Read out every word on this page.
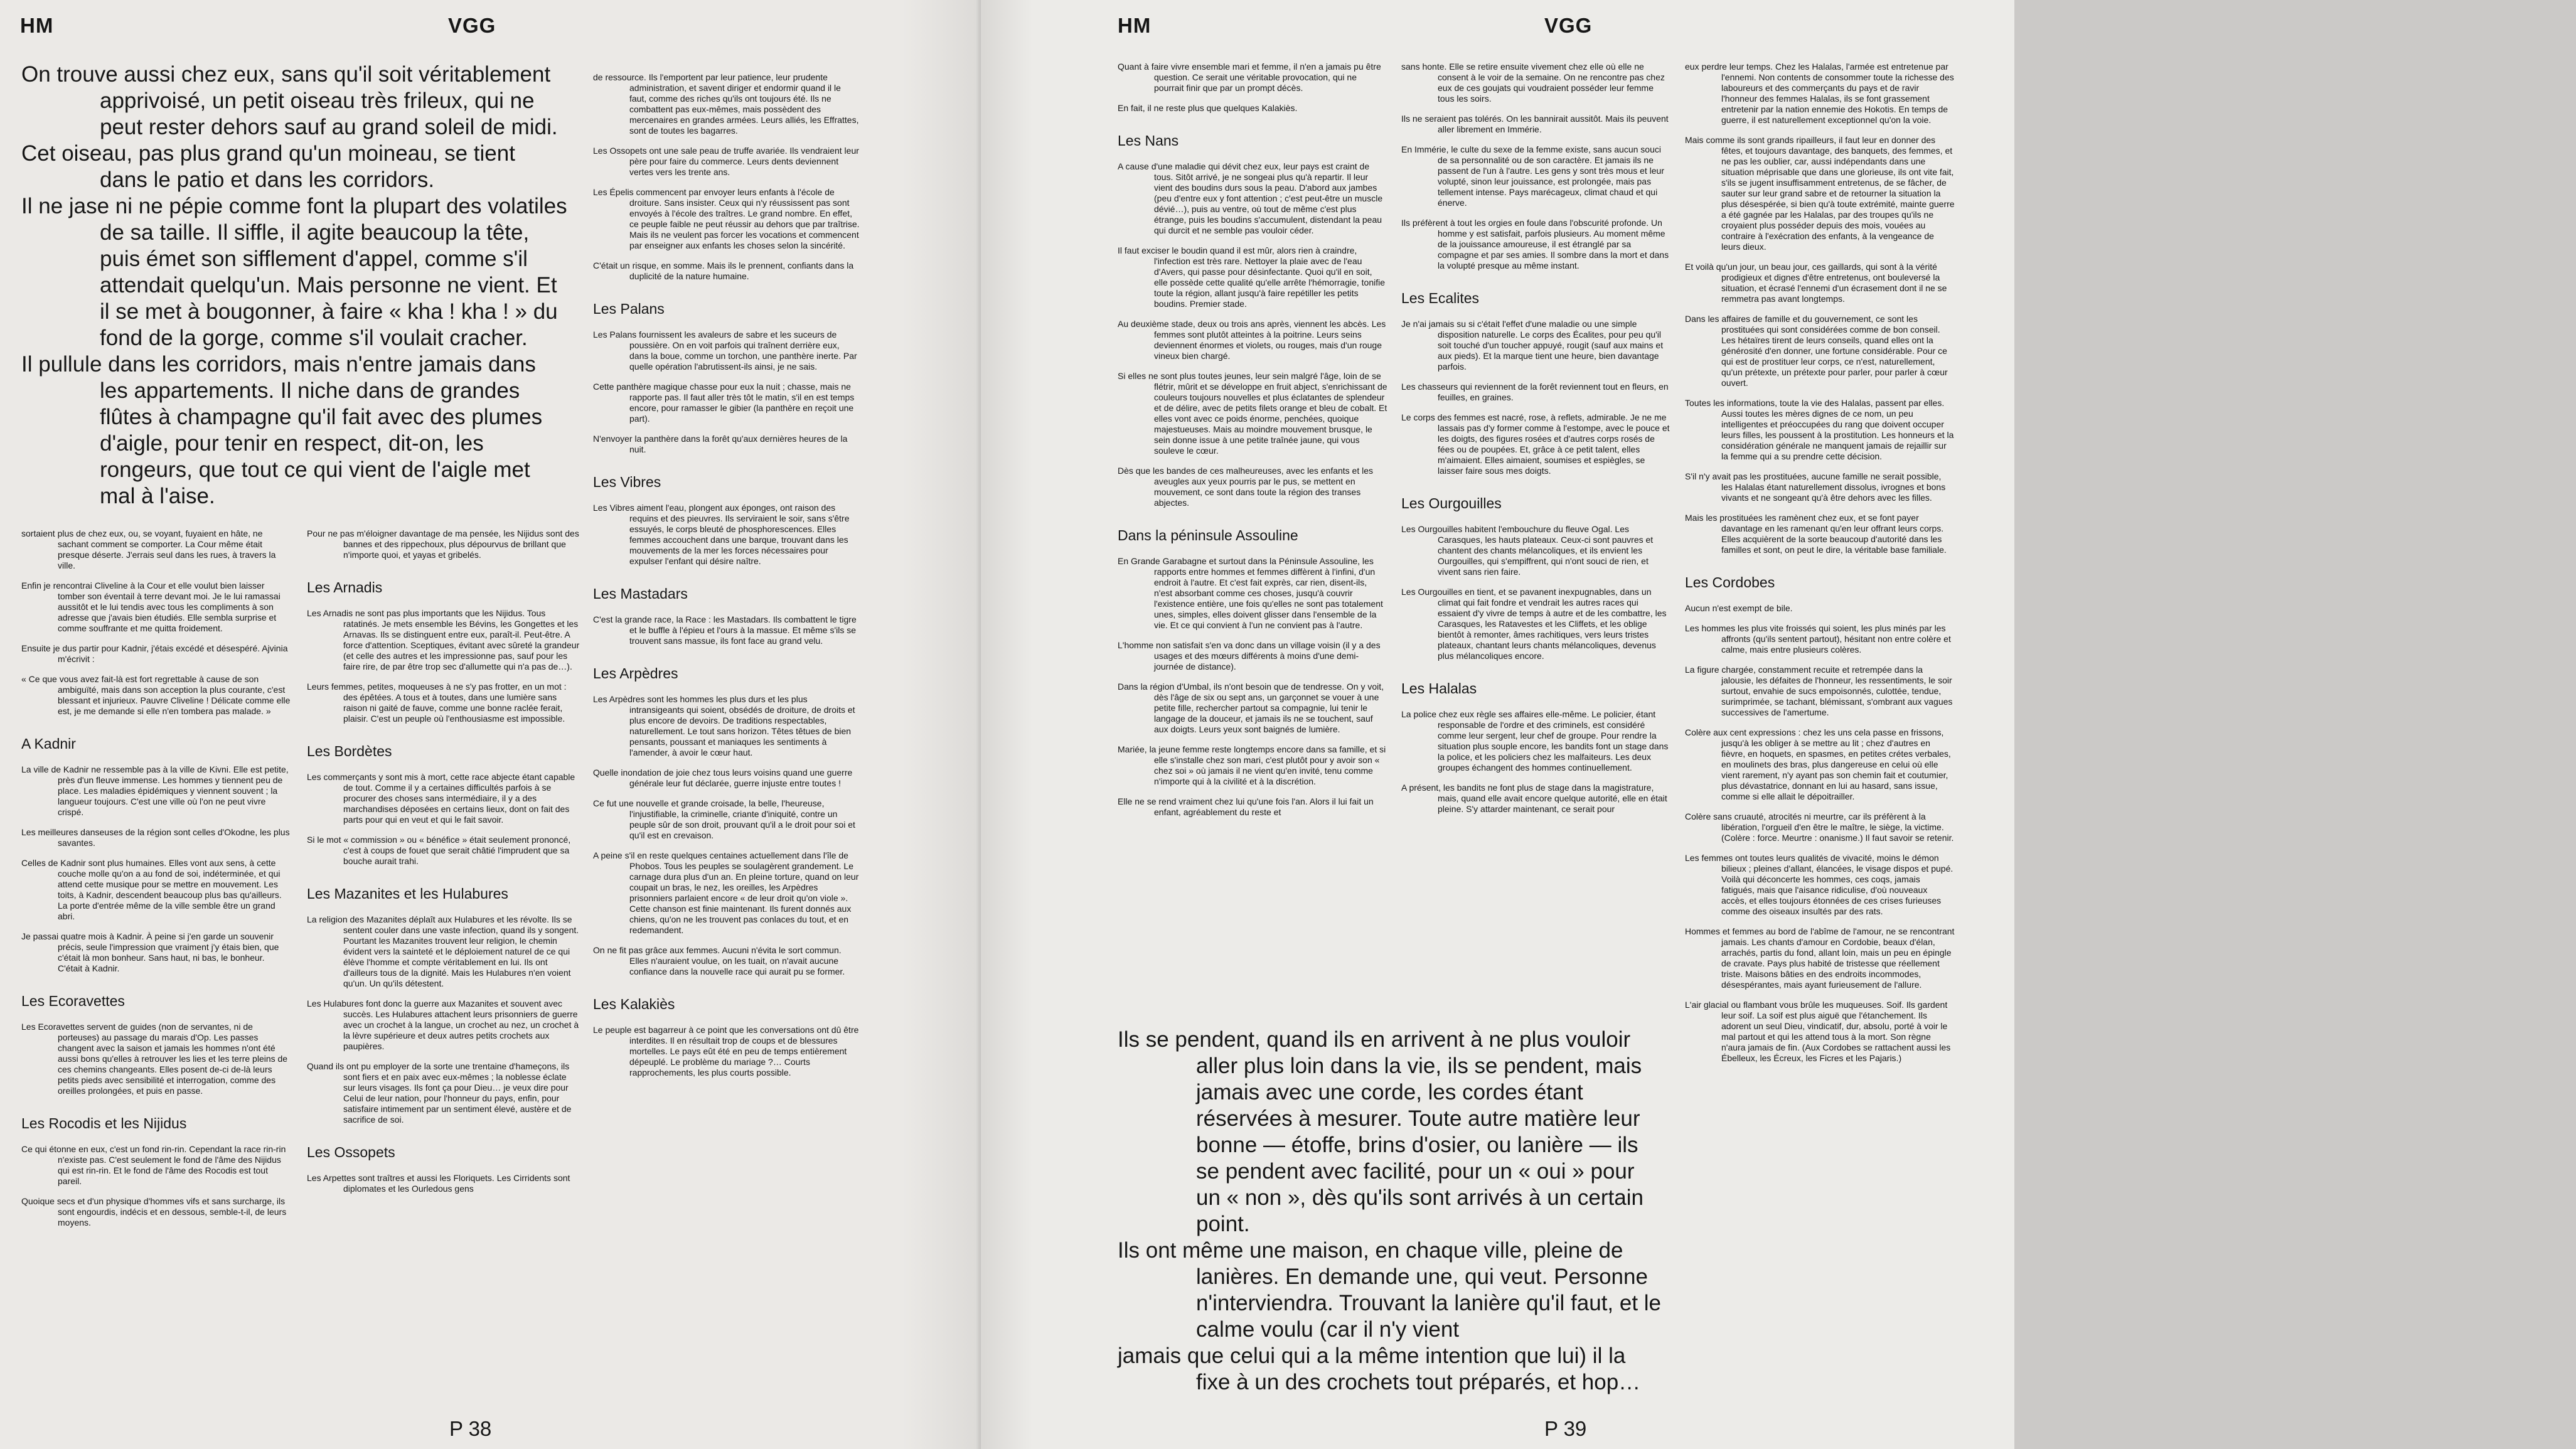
HM	VGG

On trouve aussi chez eux, sans qu'il soit véritablement apprivoisé, un petit oiseau très frileux, qui ne peut rester dehors sauf au grand soleil de midi.

Cet oiseau, pas plus grand qu'un moineau, se tient dans le patio et dans les corridors.

Il ne jase ni ne pépie comme font la plupart des volatiles de sa taille. Il siffle, il agite beaucoup la tête, puis émet son sifflement d'appel, comme s'il attendait quelqu'un. Mais personne ne vient. Et il se met à bougonner, à faire « kha ! kha ! » du fond de la gorge, comme s'il voulait cracher.

Il pullule dans les corridors, mais n'entre jamais dans les appartements. Il niche dans de grandes flûtes à champagne qu'il fait avec des plumes d'aigle, pour tenir en respect, dit-on, les rongeurs, que tout ce qui vient de l'aigle met mal à l'aise.

sortaient plus de chez eux, ou, se voyant, fuyaient en hâte, ne sachant comment se comporter. La Cour même était presque déserte. J'errais seul dans les rues, à travers la ville.

Enfin je rencontrai Cliveline à la Cour et elle voulut bien laisser tomber son éventail à terre devant moi. Je le lui ramassai aussitôt et le lui tendis avec tous les compliments à son adresse que j'avais bien étudiés. Elle sembla surprise et comme souffrante et me quitta froidement.

Ensuite je dus partir pour Kadnir, j'étais excédé et désespéré. Ajvinia m'écrivit :

« Ce que vous avez fait-là est fort regrettable à cause de son ambiguïté, mais dans son acception la plus courante, c'est blessant et injurieux. Pauvre Cliveline ! Délicate comme elle est, je me demande si elle n'en tombera pas malade. »

A Kadnir

La ville de Kadnir ne ressemble pas à la ville de Kivni. Elle est petite, près d'un fleuve immense. Les hommes y tiennent peu de place. Les maladies épidémiques y viennent souvent ; la langueur toujours. C'est une ville où l'on ne peut vivre crispé.

Les meilleures danseuses de la région sont celles d'Okodne, les plus savantes.

Celles de Kadnir sont plus humaines. Elles vont aux sens, à cette couche molle qu'on a au fond de soi, indéterminée, et qui attend cette musique pour se mettre en mouvement. Les toits, à Kadnir, descendent beaucoup plus bas qu'ailleurs. La porte d'entrée même de la ville semble être un grand abri.

Je passai quatre mois à Kadnir. À peine si j'en garde un souvenir précis, seule l'impression que vraiment j'y étais bien, que c'était là mon bonheur. Sans haut, ni bas, le bonheur. C'était à Kadnir.

Les Ecoravettes

Les Ecoravettes servent de guides (non de servantes, ni de porteuses) au passage du marais d'Op. Les passes changent avec la saison et jamais les hommes n'ont été aussi bons qu'elles à retrouver les lies et les terre pleins de ces chemins changeants. Elles posent de-ci de-là leurs petits pieds avec sensibilité et interrogation, comme des oreilles prolongées, et puis en passe.

Les Rocodis et les Nijidus

Ce qui étonne en eux, c'est un fond rin-rin. Cependant la race rin-rin n'existe pas. C'est seulement le fond de l'âme des Nijidus qui est rin-rin. Et le fond de l'âme des Rocodis est tout pareil.

Quoique secs et d'un physique d'hommes vifs et sans surcharge, ils sont engourdis, indécis et en dessous, semble-t-il, de leurs moyens.

Pour ne pas m'éloigner davantage de ma pensée, les Nijidus sont des bannes et des rippechoux, plus dépourvus de brillant que n'importe quoi, et yayas et gribelés.

Les Arnadis

Les Arnadis ne sont pas plus importants que les Nijidus. Tous ratatinés. Je mets ensemble les Bévins, les Gongettes et les Arnavas. Ils se distinguent entre eux, paraît-il. Peut-être. A force d'attention. Sceptiques, évitant avec sûreté la grandeur (et celle des autres et les impressionne pas, sauf pour les faire rire, de par être trop sec d'allumette qui n'a pas de…).

Leurs femmes, petites, moqueuses à ne s'y pas frotter, en un mot : des épêtées. A tous et à toutes, dans une lumière sans raison ni gaité de fauve, comme une bonne raclée ferait, plaisir. C'est un peuple où l'enthousiasme est impossible.

Les Bordètes

Les commerçants y sont mis à mort, cette race abjecte étant capable de tout. Comme il y a certaines difficultés parfois à se procurer des choses sans intermédiaire, il y a des marchandises déposées en certains lieux, dont on fait des parts pour qui en veut et qui le fait savoir.

Si le mot « commission » ou « bénéfice » était seulement prononcé, c'est à coups de fouet que serait châtié l'imprudent que sa bouche aurait trahi.

Les Mazanites et les Hulabures

La religion des Mazanites déplaît aux Hulabures et les révolte. Ils se sentent couler dans une vaste infection, quand ils y songent. Pourtant les Mazanites trouvent leur religion, le chemin évident vers la sainteté et le déploiement naturel de ce qui élève l'homme et compte véritablement en lui. Ils ont d'ailleurs tous de la dignité. Mais les Hulabures n'en voient qu'un. Un qu'ils détestent.

Les Hulabures font donc la guerre aux Mazanites et souvent avec succès. Les Hulabures attachent leurs prisonniers de guerre avec un crochet à la langue, un crochet au nez, un crochet à la lèvre supérieure et deux autres petits crochets aux paupières.

Quand ils ont pu employer de la sorte une trentaine d'hameçons, ils sont fiers et en paix avec eux-mêmes ; la noblesse éclate sur leurs visages. Ils font ça pour Dieu… je veux dire pour Celui de leur nation, pour l'honneur du pays, enfin, pour satisfaire intimement par un sentiment élevé, austère et de sacrifice de soi.

Les Ossopets

Les Arpettes sont traîtres et aussi les Floriquets. Les Cirridents sont diplomates et les Ourledous gens

de ressource. Ils l'emportent par leur patience, leur prudente administration, et savent diriger et endormir quand il le faut, comme des riches qu'ils ont toujours été. Ils ne combattent pas eux-mêmes, mais possèdent des mercenaires en grandes armées. Leurs alliés, les Effrattes, sont de toutes les bagarres.

Les Ossopets ont une sale peau de truffe avariée. Ils vendraient leur père pour faire du commerce. Leurs dents deviennent vertes vers les trente ans.

Les Épelis commencent par envoyer leurs enfants à l'école de droiture. Sans insister. Ceux qui n'y réussissent pas sont envoyés à l'école des traîtres. Le grand nombre. En effet, ce peuple faible ne peut réussir au dehors que par traîtrise. Mais ils ne veulent pas forcer les vocations et commencent par enseigner aux enfants les choses selon la sincérité.

C'était un risque, en somme. Mais ils le prennent, confiants dans la duplicité de la nature humaine.

Les Palans

Les Palans fournissent les avaleurs de sabre et les suceurs de poussière. On en voit parfois qui traînent derrière eux, dans la boue, comme un torchon, une panthère inerte. Par quelle opération l'abrutissent-ils ainsi, je ne sais.

Cette panthère magique chasse pour eux la nuit ; chasse, mais ne rapporte pas. Il faut aller très tôt le matin, s'il en est temps encore, pour ramasser le gibier (la panthère en reçoit une part).

N'envoyer la panthère dans la forêt qu'aux dernières heures de la nuit.

Les Vibres

Les Vibres aiment l'eau, plongent aux éponges, ont raison des requins et des pieuvres. Ils serviraient le soir, sans s'être essuyés, le corps bleuté de phosphorescences. Elles femmes accouchent dans une barque, trouvant dans les mouvements de la mer les forces nécessaires pour expulser l'enfant qui désire naître.

Les Mastadars

C'est la grande race, la Race : les Mastadars. Ils combattent le tigre et le buffle à l'épieu et l'ours à la massue. Et même s'ils se trouvent sans massue, ils font face au grand velu.

Les Arpèdres

Les Arpèdres sont les hommes les plus durs et les plus intransigeants qui soient, obsédés de droiture, de droits et plus encore de devoirs. De traditions respectables, naturellement. Le tout sans horizon. Têtes têtues de bien pensants, poussant et maniaques les sentiments à l'amender, à avoir le cœur haut.

Quelle inondation de joie chez tous leurs voisins quand une guerre générale leur fut déclarée, guerre injuste entre toutes !

Ce fut une nouvelle et grande croisade, la belle, l'heureuse, l'injustifiable, la criminelle, criante d'iniquité, contre un peuple sûr de son droit, prouvant qu'il a le droit pour soi et qu'il est en crevaison.

A peine s'il en reste quelques centaines actuellement dans l'île de Phobos. Tous les peuples se soulagèrent grandement. Le carnage dura plus d'un an. En pleine torture, quand on leur coupait un bras, le nez, les oreilles, les Arpèdres prisonniers parlaient encore « de leur droit qu'on viole ». Cette chanson est finie maintenant. Ils furent donnés aux chiens, qu'on ne les trouvent pas conlaces du tout, et en redemandent.

On ne fit pas grâce aux femmes. Aucuni n'évita le sort commun. Elles n'auraient voulue, on les tuait, on n'avait aucune confiance dans la nouvelle race qui aurait pu se former.

Les Kalakiès

Le peuple est bagarreur à ce point que les conversations ont dû être interdites. Il en résultait trop de coups et de blessures mortelles. Le pays eût été en peu de temps entièrement dépeuplé. Le problème du mariage ?… Courts rapprochements, les plus courts possible.

P 38
HM	VGG

Quant à faire vivre ensemble mari et femme, il n'en a jamais pu être question. Ce serait une véritable provocation, qui ne pourrait finir que par un prompt décès.

En fait, il ne reste plus que quelques Kalakiès.

Les Nans

A cause d'une maladie qui dévit chez eux, leur pays est craint de tous. Sitôt arrivé, je ne songeai plus qu'à repartir. Il leur vient des boudins durs sous la peau. D'abord aux jambes (peu d'entre eux y font attention ; c'est peut-être un muscle dévié…), puis au ventre, où tout de même c'est plus étrange, puis les boudins s'accumulent, distendant la peau qui durcit et ne semble pas vouloir céder.

Il faut exciser le boudin quand il est mûr, alors rien à craindre, l'infection est très rare. Nettoyer la plaie avec de l'eau d'Avers, qui passe pour désinfectante. Quoi qu'il en soit, elle possède cette qualité qu'elle arrête l'hémorragie, tonifie toute la région, allant jusqu'à faire repétiller les petits boudins. Premier stade.

Au deuxième stade, deux ou trois ans après, viennent les abcès. Les femmes sont plutôt atteintes à la poitrine. Leurs seins deviennent énormes et violets, ou rouges, mais d'un rouge vineux bien chargé.

Si elles ne sont plus toutes jeunes, leur sein malgré l'âge, loin de se flétrir, mûrit et se développe en fruit abject, s'enrichissant de couleurs toujours nouvelles et plus éclatantes de splendeur et de délire, avec de petits filets orange et bleu de cobalt. Et elles vont avec ce poids énorme, penchées, quoique majestueuses. Mais au moindre mouvement brusque, le sein donne issue à une petite traînée jaune, qui vous souleve le cœur.

Dès que les bandes de ces malheureuses, avec les enfants et les aveugles aux yeux pourris par le pus, se mettent en mouvement, ce sont dans toute la région des transes abjectes.

Dans la péninsule Assouline

En Grande Garabagne et surtout dans la Péninsule Assouline, les rapports entre hommes et femmes diffèrent à l'infini, d'un endroit à l'autre. Et c'est fait exprès, car rien, disent-ils, n'est absorbant comme ces choses, jusqu'à couvrir l'existence entière, une fois qu'elles ne sont pas totalement unes, simples, elles doivent glisser dans l'ensemble de la vie. Et ce qui convient à l'un ne convient pas à l'autre.

L'homme non satisfait s'en va donc dans un village voisin (il y a des usages et des mœurs différents à moins d'une demi-journée de distance).

Dans la région d'Umbal, ils n'ont besoin que de tendresse. On y voit, dès l'âge de six ou sept ans, un garçonnet se vouer à une petite fille, rechercher partout sa compagnie, lui tenir le langage de la douceur, et jamais ils ne se touchent, sauf aux doigts. Leurs yeux sont baignés de lumière.

Mariée, la jeune femme reste longtemps encore dans sa famille, et si elle s'installe chez son mari, c'est plutôt pour y avoir son « chez soi » où jamais il ne vient qu'en invité, tenu comme n'importe qui à la civilité et à la discrétion.

Elle ne se rend vraiment chez lui qu'une fois l'an. Alors il lui fait un enfant, agréablement du reste et

sans honte. Elle se retire ensuite vivement chez elle où elle ne consent à le voir de la semaine. On ne rencontre pas chez eux de ces goujats qui voudraient posséder leur femme tous les soirs.

Ils ne seraient pas tolérés. On les bannirait aussitôt. Mais ils peuvent aller librement en Immérie.

En Immérie, le culte du sexe de la femme existe, sans aucun souci de sa personnalité ou de son caractère. Et jamais ils ne passent de l'un à l'autre. Les gens y sont très mous et leur volupté, sinon leur jouissance, est prolongée, mais pas tellement intense. Pays marécageux, climat chaud et qui énerve.

Ils préfèrent à tout les orgies en foule dans l'obscurité profonde. Un homme y est satisfait, parfois plusieurs. Au moment même de la jouissance amoureuse, il est étranglé par sa compagne et par ses amies. Il sombre dans la mort et dans la volupté presque au même instant.

Les Ecalites

Je n'ai jamais su si c'était l'effet d'une maladie ou une simple disposition naturelle. Le corps des Écalites, pour peu qu'il soit touché d'un toucher appuyé, rougit (sauf aux mains et aux pieds). Et la marque tient une heure, bien davantage parfois.

Les chasseurs qui reviennent de la forêt reviennent tout en fleurs, en feuilles, en graines.

Le corps des femmes est nacré, rose, à reflets, admirable. Je ne me lassais pas d'y former comme à l'estompe, avec le pouce et les doigts, des figures rosées et d'autres corps rosés de fées ou de poupées. Et, grâce à ce petit talent, elles m'aimaient. Elles aimaient, soumises et espiègles, se laisser faire sous mes doigts.

Les Ourgouilles

Les Ourgouilles habitent l'embouchure du fleuve Ogal. Les Carasques, les hauts plateaux. Ceux-ci sont pauvres et chantent des chants mélancoliques, et ils envient les Ourgouilles, qui s'empiffrent, qui n'ont souci de rien, et vivent sans rien faire.

Les Ourgouilles en tient, et se pavanent inexpugnables, dans un climat qui fait fondre et vendrait les autres races qui essaient d'y vivre de temps à autre et de les combattre, les Carasques, les Ratavestes et les Cliffets, et les oblige bientôt à remonter, âmes rachitiques, vers leurs tristes plateaux, chantant leurs chants mélancoliques, devenus plus mélancoliques encore.

Les Halalas

La police chez eux règle ses affaires elle-même. Le policier, étant responsable de l'ordre et des criminels, est considéré comme leur sergent, leur chef de groupe. Pour rendre la situation plus souple encore, les bandits font un stage dans la police, et les policiers chez les malfaiteurs. Les deux groupes échangent des hommes continuellement.

A présent, les bandits ne font plus de stage dans la magistrature, mais, quand elle avait encore quelque autorité, elle en était pleine. S'y attarder maintenant, ce serait pour

eux perdre leur temps. Chez les Halalas, l'armée est entretenue par l'ennemi. Non contents de consommer toute la richesse des laboureurs et des commerçants du pays et de ravir l'honneur des femmes Halalas, ils se font grassement entretenir par la nation ennemie des Hokotis. En temps de guerre, il est naturellement exceptionnel qu'on la voie.

Mais comme ils sont grands ripailleurs, il faut leur en donner des fêtes, et toujours davantage, des banquets, des femmes, et ne pas les oublier, car, aussi indépendants dans une situation méprisable que dans une glorieuse, ils ont vite fait, s'ils se jugent insuffisamment entretenus, de se fâcher, de sauter sur leur grand sabre et de retourner la situation la plus désespérée, si bien qu'à toute extrémité, mainte guerre a été gagnée par les Halalas, par des troupes qu'ils ne croyaient plus posséder depuis des mois, vouées au contraire à l'exécration des enfants, à la vengeance de leurs dieux.

Et voilà qu'un jour, un beau jour, ces gaillards, qui sont à la vérité prodigieux et dignes d'être entretenus, ont bouleversé la situation, et écrasé l'ennemi d'un écrasement dont il ne se remmetra pas avant longtemps.

Dans les affaires de famille et du gouvernement, ce sont les prostituées qui sont considérées comme de bon conseil. Les hétaïres tirent de leurs conseils, quand elles ont la générosité d'en donner, une fortune considérable. Pour ce qui est de prostituer leur corps, ce n'est, naturellement, qu'un prétexte, un prétexte pour parler, pour parler à cœur ouvert.

Toutes les informations, toute la vie des Halalas, passent par elles. Aussi toutes les mères dignes de ce nom, un peu intelligentes et préoccupées du rang que doivent occuper leurs filles, les poussent à la prostitution. Les honneurs et la considération générale ne manquent jamais de rejaillir sur la femme qui a su prendre cette décision.

S'il n'y avait pas les prostituées, aucune famille ne serait possible, les Halalas étant naturellement dissolus, ivrognes et bons vivants et ne songeant qu'à être dehors avec les filles.

Mais les prostituées les ramènent chez eux, et se font payer davantage en les ramenant qu'en leur offrant leurs corps. Elles acquièrent de la sorte beaucoup d'autorité dans les familles et sont, on peut le dire, la véritable base familiale.

Les Cordobes

Aucun n'est exempt de bile.

Les hommes les plus vite froissés qui soient, les plus minés par les affronts (qu'ils sentent partout), hésitant non entre colère et calme, mais entre plusieurs colères.

La figure chargée, constamment recuite et retrempée dans la jalousie, les défaites de l'honneur, les ressentiments, le soir surtout, envahie de sucs empoisonnés, culottée, tendue, surimprimée, se tachant, blémissant, s'ombrant aux vagues successives de l'amertume.

Colère aux cent expressions : chez les uns cela passe en frissons, jusqu'à les obliger à se mettre au lit ; chez d'autres en fièvre, en hoquets, en spasmes, en petites crétes verbales, en moulinets des bras, plus dangereuse en celui où elle vient rarement, n'y ayant pas son chemin fait et coutumier, plus dévastatrice, donnant en lui au hasard, sans issue, comme si elle allait le dépoitrailler.

Colère sans cruauté, atrocités ni meurtre, car ils préfèrent à la libération, l'orgueil d'en être le maître, le siège, la victime. (Colère : force. Meurtre : onanisme.) Il faut savoir se retenir.

Les femmes ont toutes leurs qualités de vivacité, moins le démon bilieux ; pleines d'allant, élancées, le visage dispos et pupé. Voilà qui déconcerte les hommes, ces coqs, jamais fatigués, mais que l'aisance ridiculise, d'où nouveaux accès, et elles toujours étonnées de ces crises furieuses comme des oiseaux insultés par des rats.

Hommes et femmes au bord de l'abîme de l'amour, ne se rencontrant jamais. Les chants d'amour en Cordobie, beaux d'élan, arrachés, partis du fond, allant loin, mais un peu en épingle de cravate. Pays plus habité de tristesse que réellement triste. Maisons bâties en des endroits incommodes, désespérantes, mais ayant furieusement de l'allure.

L'air glacial ou flambant vous brûle les muqueuses. Soif. Ils gardent leur soif. La soif est plus aiguë que l'étanchement. Ils adorent un seul Dieu, vindicatif, dur, absolu, porté à voir le mal partout et qui les attend tous à la mort. Son règne n'aura jamais de fin. (Aux Cordobes se rattachent aussi les Ébelleux, les Écreux, les Ficres et les Pajaris.)

Ils se pendent, quand ils en arrivent à ne plus vouloir aller plus loin dans la vie, ils se pendent, mais jamais avec une corde, les cordes étant réservées à mesurer. Toute autre matière leur bonne — étoffe, brins d'osier, ou lanière — ils se pendent avec facilité, pour un « oui » pour un « non », dès qu'ils sont arrivés à un certain point.

Ils ont même une maison, en chaque ville, pleine de lanières. En demande une, qui veut. Personne n'interviendra. Trouvant la lanière qu'il faut, et le calme voulu (car il n'y vient

jamais que celui qui a la même intention que lui) il la fixe à un des crochets tout préparés, et hop…

P 39
